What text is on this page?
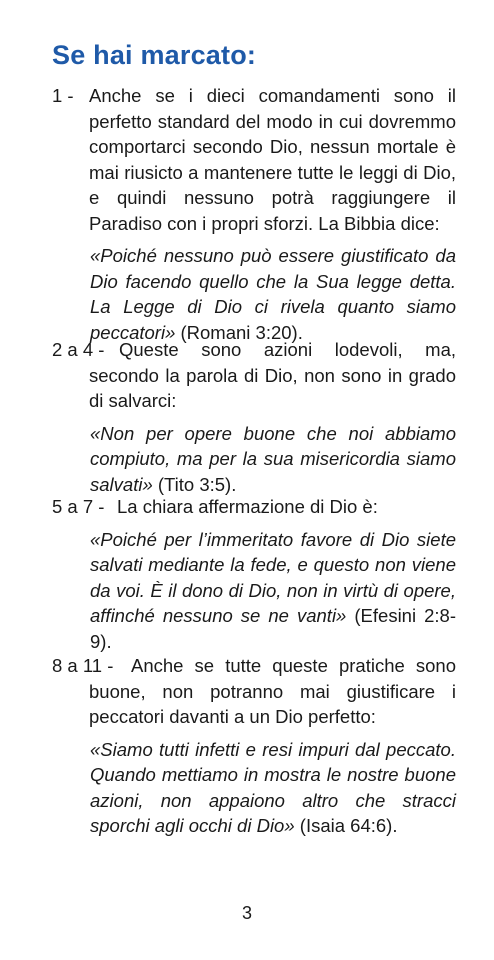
Se hai marcato:
1 - Anche se i dieci comandamenti sono il perfetto standard del modo in cui dovremmo comportarci secondo Dio, nessun mortale è mai riusicto a mantenere tutte le leggi di Dio, e quindi nessuno potrà raggiungere il Paradiso con i propri sforzi. La Bibbia dice:
«Poiché nessuno può essere giustificato da Dio facendo quello che la Sua legge detta. La Legge di Dio ci rivela quanto siamo peccatori» (Romani 3:20).
2 a 4 - Queste sono azioni lodevoli, ma, secondo la parola di Dio, non sono in grado di salvarci:
«Non per opere buone che noi abbiamo compiuto, ma per la sua misericordia siamo salvati» (Tito 3:5).
5 a 7 - La chiara affermazione di Dio è:
«Poiché per l’immeritato favore di Dio siete salvati mediante la fede, e questo non viene da voi. È il dono di Dio, non in virtù di opere, affinché nessuno se ne vanti» (Efesini 2:8-9).
8 a 11 - Anche se tutte queste pratiche sono buone, non potranno mai giustificare i peccatori davanti a un Dio perfetto:
«Siamo tutti infetti e resi impuri dal peccato. Quando mettiamo in mostra le nostre buone azioni, non appaiono altro che stracci sporchi agli occhi di Dio» (Isaia 64:6).
3
